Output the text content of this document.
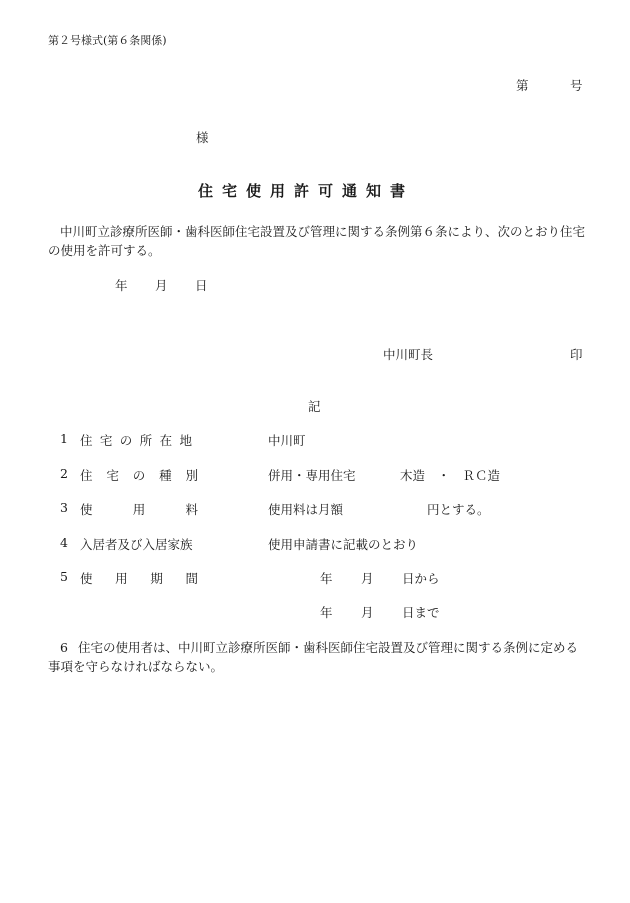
第２号様式(第６条関係)
第	号
様
住宅使用許可通知書
中川町立診療所医師・歯科医師住宅設置及び管理に関する条例第６条により、次のとおり住宅の使用を許可する。
年 月 日
中川町長	印
記
1 住 宅 の 所 在 地	中川町
2 住 宅 の 種 別	併用・専用住宅	木造　・　ＲＣ造
3 使	用	料	使用料は月額	円とする。
4 入居者及び入居家族	使用申請書に記載のとおり
5 使 用 期 間	年 月 日から
年 月 日まで
6 住宅の使用者は、中川町立診療所医師・歯科医師住宅設置及び管理に関する条例に定める事項を守らなければならない。
